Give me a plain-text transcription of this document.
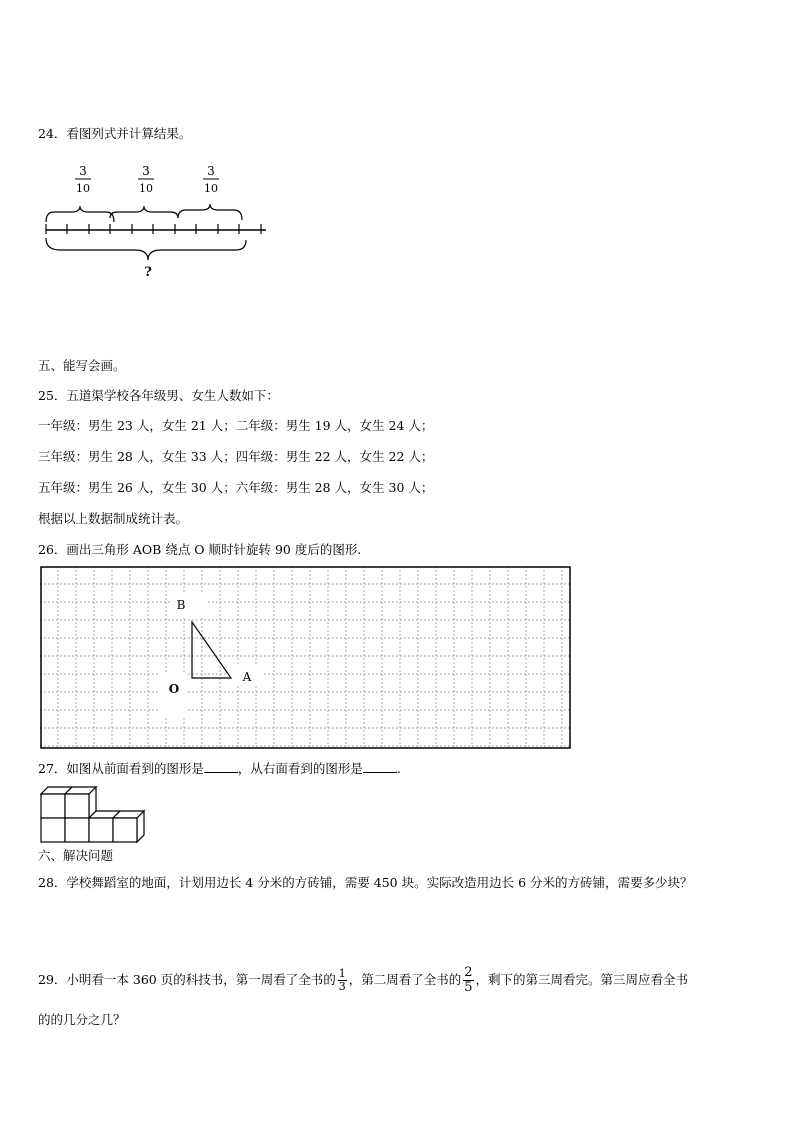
24．看图列式并计算结果。
3
10
3
10
3
10
?
五、能写会画。
25．五道渠学校各年级男、女生人数如下：
一年级：男生 23 人，女生 21 人；二年级：男生 19 人，女生 24 人；
三年级：男生 28 人，女生 33 人；四年级：男生 22 人，女生 22 人；
五年级：男生 26 人，女生 30 人；六年级：男生 28 人，女生 30 人；
根据以上数据制成统计表。
26．画出三角形 AOB 绕点 O 顺时针旋转 90 度后的图形.
B
A
O
27．如图从前面看到的图形是	，从右面看到的图形是	.
六、解决问题
28．学校舞蹈室的地面，计划用边长 4 分米的方砖铺，需要 450 块。实际改造用边长 6 分米的方砖铺，需要多少块？
29．小明看一本 360 页的科技书，第一周看了全书的 $\frac{1}{3}$ ，第二周看了全书的 $\frac{2}{5}$ ，剩下的第三周看完。第三周应看全书
的的几分之几？
